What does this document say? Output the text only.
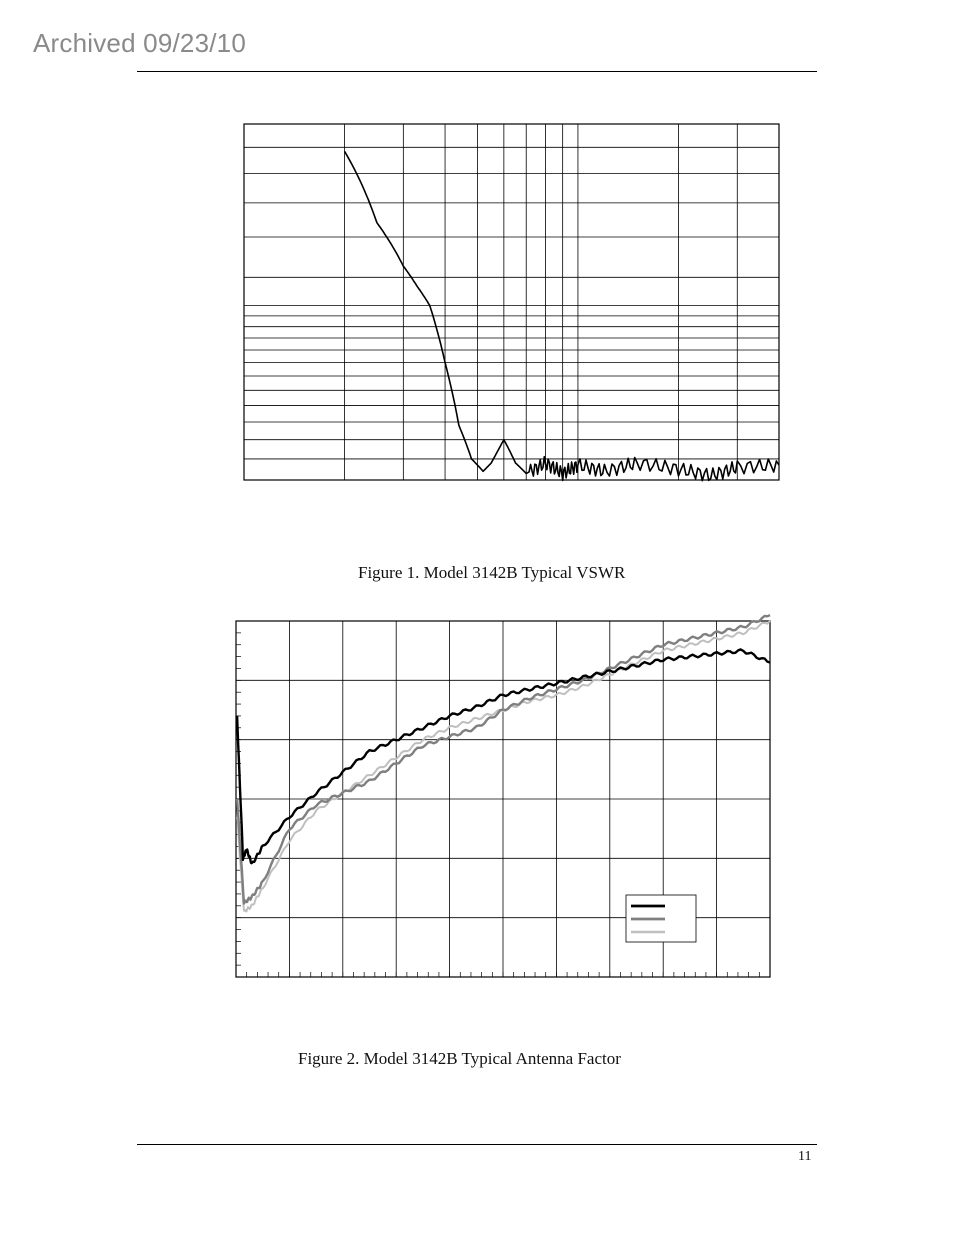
Archived 09/23/10
Figure 1. Model 3142B Typical VSWR
Figure 2. Model 3142B Typical Antenna Factor
11
